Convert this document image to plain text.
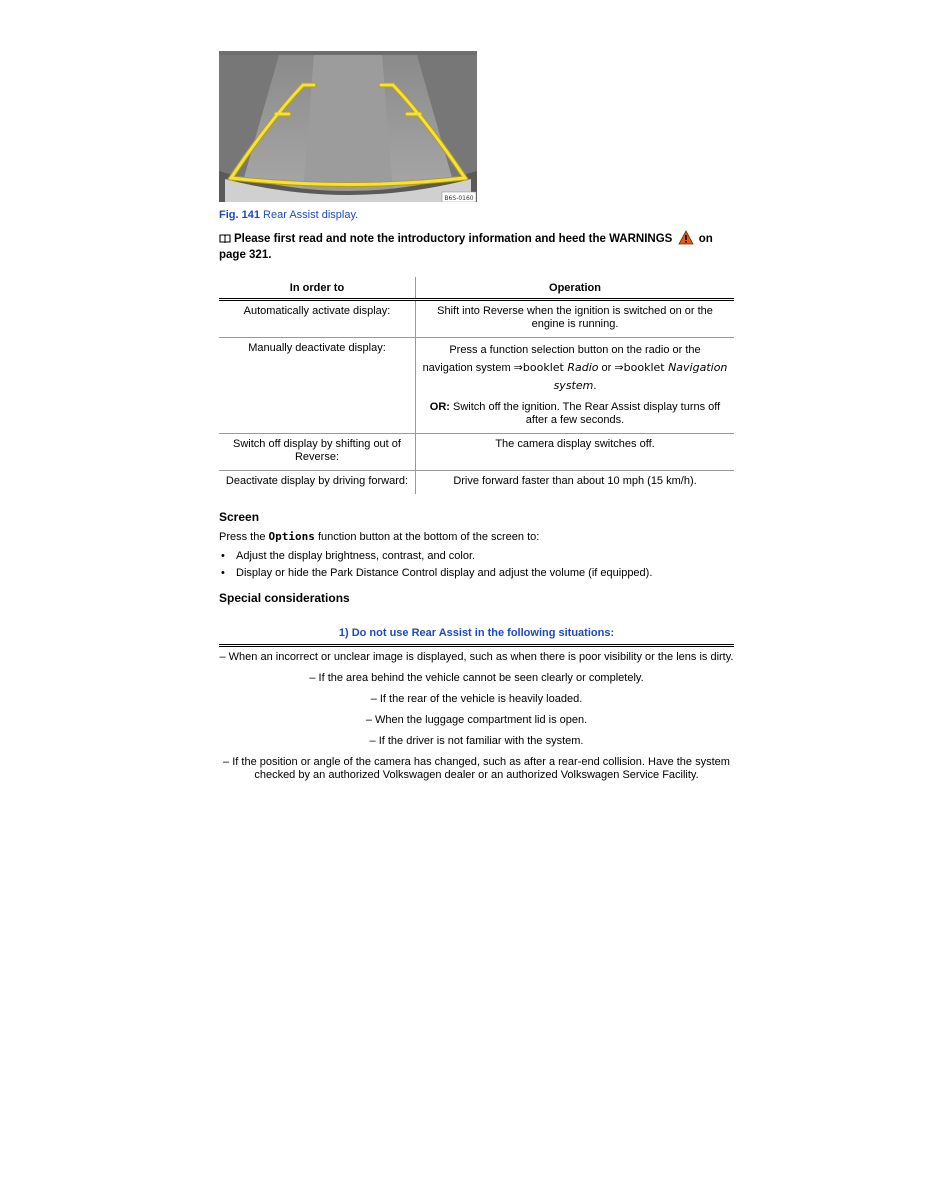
B6S-0160
Fig. 141 Rear Assist display.
Please first read and note the introductory information and heed the WARNINGS  on page 321.
In order to	Operation
Automatically activate display:	Shift into Reverse when the ignition is switched on or the engine is running.
Manually deactivate display:	Press a function selection button on the radio or the
navigation system ⇒booklet Radio or ⇒booklet Navigation system.
OR: Switch off the ignition. The Rear Assist display turns off after a few seconds.

Switch off display by shifting out of Reverse:	The camera display switches off.
Deactivate display by driving forward:	Drive forward faster than about 10 mph (15 km/h).
Screen
Press the Options function button at the bottom of the screen to:
• Adjust the display brightness, contrast, and color.
• Display or hide the Park Distance Control display and adjust the volume (if equipped).
Special considerations
1) Do not use Rear Assist in the following situations:
– When an incorrect or unclear image is displayed, such as when there is poor visibility or the lens is dirty.
– If the area behind the vehicle cannot be seen clearly or completely.
– If the rear of the vehicle is heavily loaded.
– When the luggage compartment lid is open.
– If the driver is not familiar with the system.
– If the position or angle of the camera has changed, such as after a rear-end collision. Have the system checked by an authorized Volkswagen dealer or an authorized Volkswagen Service Facility.
